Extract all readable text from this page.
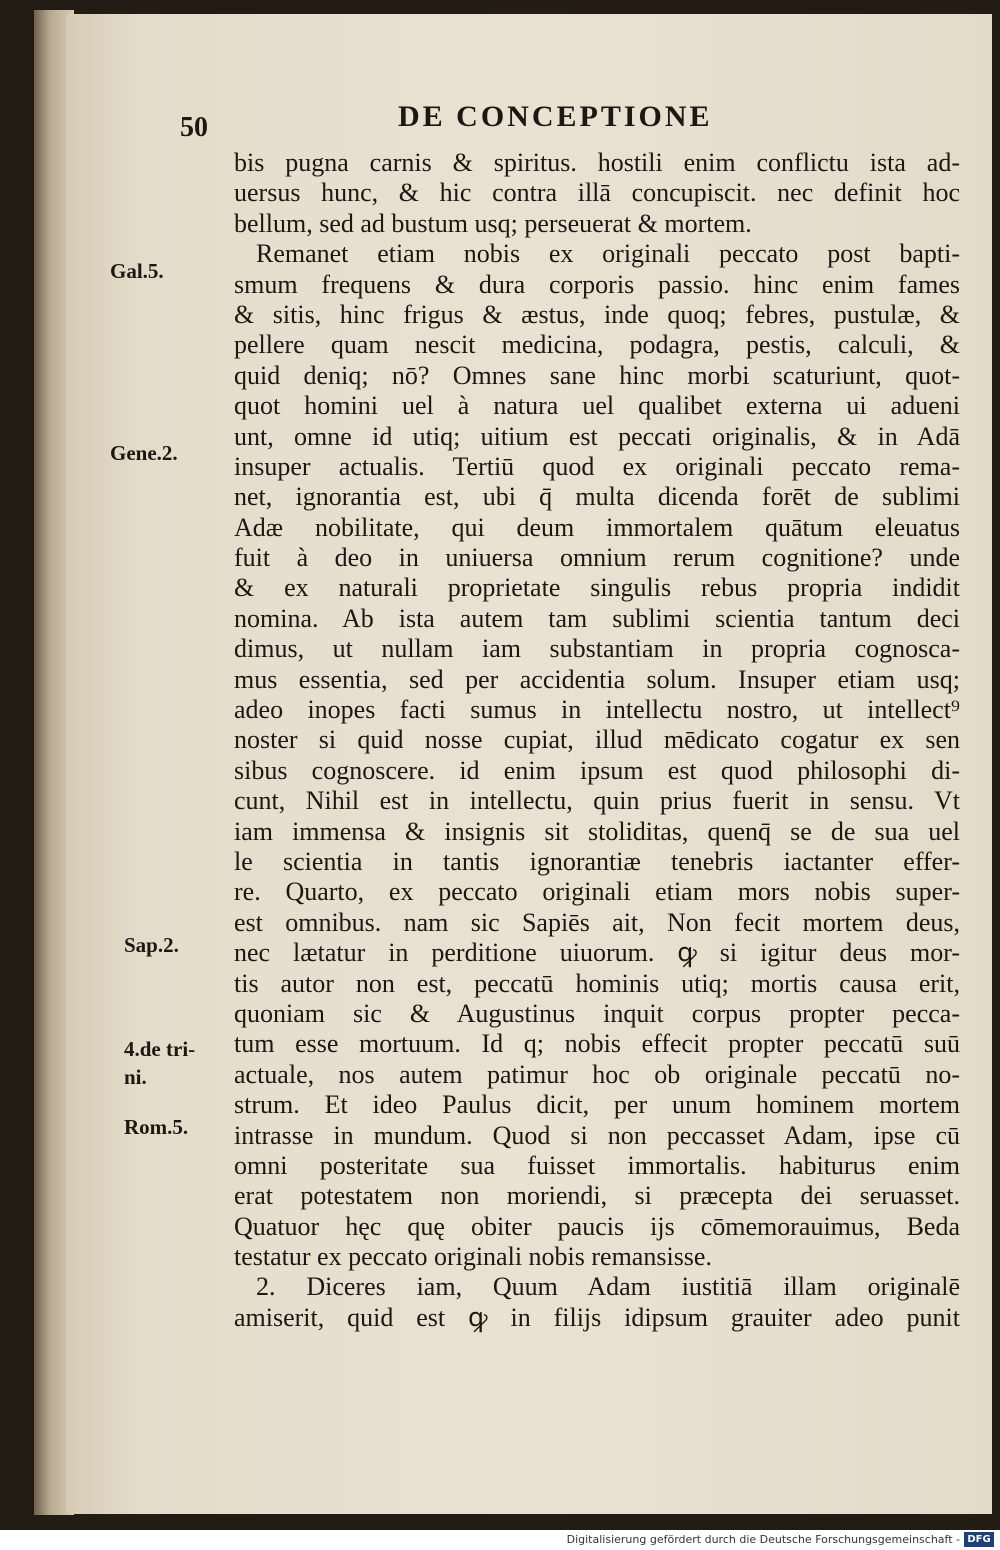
50	DE CONCEPTIONE
bis pugna carnis & spiritus. hostili enim conflictu ista ad-
uersus hunc, & hic contra illā concupiscit. nec definit hoc
bellum, sed ad bustum usq; perseuerat & mortem.
Remanet etiam nobis ex originali peccato post bapti-
smum frequens & dura corporis passio. hinc enim fames
& sitis, hinc frigus & æstus, inde quoq; febres, pustulæ, &
pellere quam nescit medicina, podagra, pestis, calculi, &
quid deniq; nō? Omnes sane hinc morbi scaturiunt, quot-
quot homini uel à natura uel qualibet externa ui adueni
unt, omne id utiq; uitium est peccati originalis, & in Adā
insuper actualis. Tertiū quod ex originali peccato rema-
net, ignorantia est, ubi q̄ multa dicenda forēt de sublimi
Adæ nobilitate, qui deum immortalem quātum eleuatus
fuit à deo in uniuersa omnium rerum cognitione? unde
& ex naturali proprietate singulis rebus propria indidit
nomina. Ab ista autem tam sublimi scientia tantum deci
dimus, ut nullam iam substantiam in propria cognosca-
mus essentia, sed per accidentia solum. Insuper etiam usq;
adeo inopes facti sumus in intellectu nostro, ut intellect⁹
noster si quid nosse cupiat, illud mēdicato cogatur ex sen
sibus cognoscere. id enim ipsum est quod philosophi di-
cunt, Nihil est in intellectu, quin prius fuerit in sensu. Vt
iam immensa & insignis sit stoliditas, quenq̄ se de sua uel
le scientia in tantis ignorantiæ tenebris iactanter effer-
re. Quarto, ex peccato originali etiam mors nobis super-
est omnibus. nam sic Sapiēs ait, Non fecit mortem deus,
nec lætatur in perditione uiuorum. ꝙ si igitur deus mor-
tis autor non est, peccatū hominis utiq; mortis causa erit,
quoniam sic & Augustinus inquit corpus propter pecca-
tum esse mortuum. Id q; nobis effecit propter peccatū suū
actuale, nos autem patimur hoc ob originale peccatū no-
strum. Et ideo Paulus dicit, per unum hominem mortem
intrasse in mundum. Quod si non peccasset Adam, ipse cū
omni posteritate sua fuisset immortalis. habiturus enim
erat potestatem non moriendi, si præcepta dei seruasset.
Quatuor hęc quę obiter paucis ijs cōmemorauimus, Beda
testatur ex peccato originali nobis remansisse.
2. Diceres iam, Quum Adam iustitiā illam originalē
amiserit, quid est ꝙ in filijs idipsum grauiter adeo punit
Gal.5.
Gene.2.
Sap.2.
4.de tri-
ni.
Rom.5.
Digitalisierung gefördert durch die Deutsche Forschungsgemeinschaft - DFG
